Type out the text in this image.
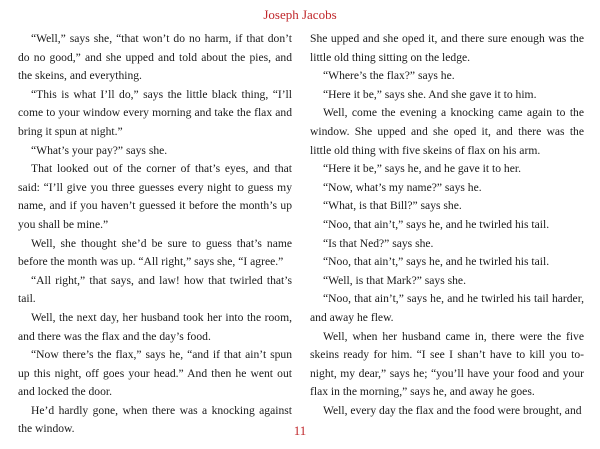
Joseph Jacobs

“Well,” says she, “that won’t do no harm, if that don’t do no good,” and she upped and told about the pies, and the skeins, and everything.

“This is what I’ll do,” says the little black thing, “I’ll come to your window every morning and take the flax and bring it spun at night.”

“What’s your pay?” says she.

That looked out of the corner of that’s eyes, and that said: “I’ll give you three guesses every night to guess my name, and if you haven’t guessed it before the month’s up you shall be mine.”

Well, she thought she’d be sure to guess that’s name before the month was up. “All right,” says she, “I agree.”

“All right,” that says, and law! how that twirled that’s tail.

Well, the next day, her husband took her into the room, and there was the flax and the day’s food.

“Now there’s the flax,” says he, “and if that ain’t spun up this night, off goes your head.” And then he went out and locked the door.

He’d hardly gone, when there was a knocking against the window.

She upped and she oped it, and there sure enough was the little old thing sitting on the ledge.

“Where’s the flax?” says he.

“Here it be,” says she. And she gave it to him.

Well, come the evening a knocking came again to the window. She upped and she oped it, and there was the little old thing with five skeins of flax on his arm.

“Here it be,” says he, and he gave it to her.

“Now, what’s my name?” says he.

“What, is that Bill?” says she.

“Noo, that ain’t,” says he, and he twirled his tail.

“Is that Ned?” says she.

“Noo, that ain’t,” says he, and he twirled his tail.

“Well, is that Mark?” says she.

“Noo, that ain’t,” says he, and he twirled his tail harder, and away he flew.

Well, when her husband came in, there were the five skeins ready for him. “I see I shan’t have to kill you to-night, my dear,” says he; “you’ll have your food and your flax in the morning,” says he, and away he goes.

Well, every day the flax and the food were brought, and

11
